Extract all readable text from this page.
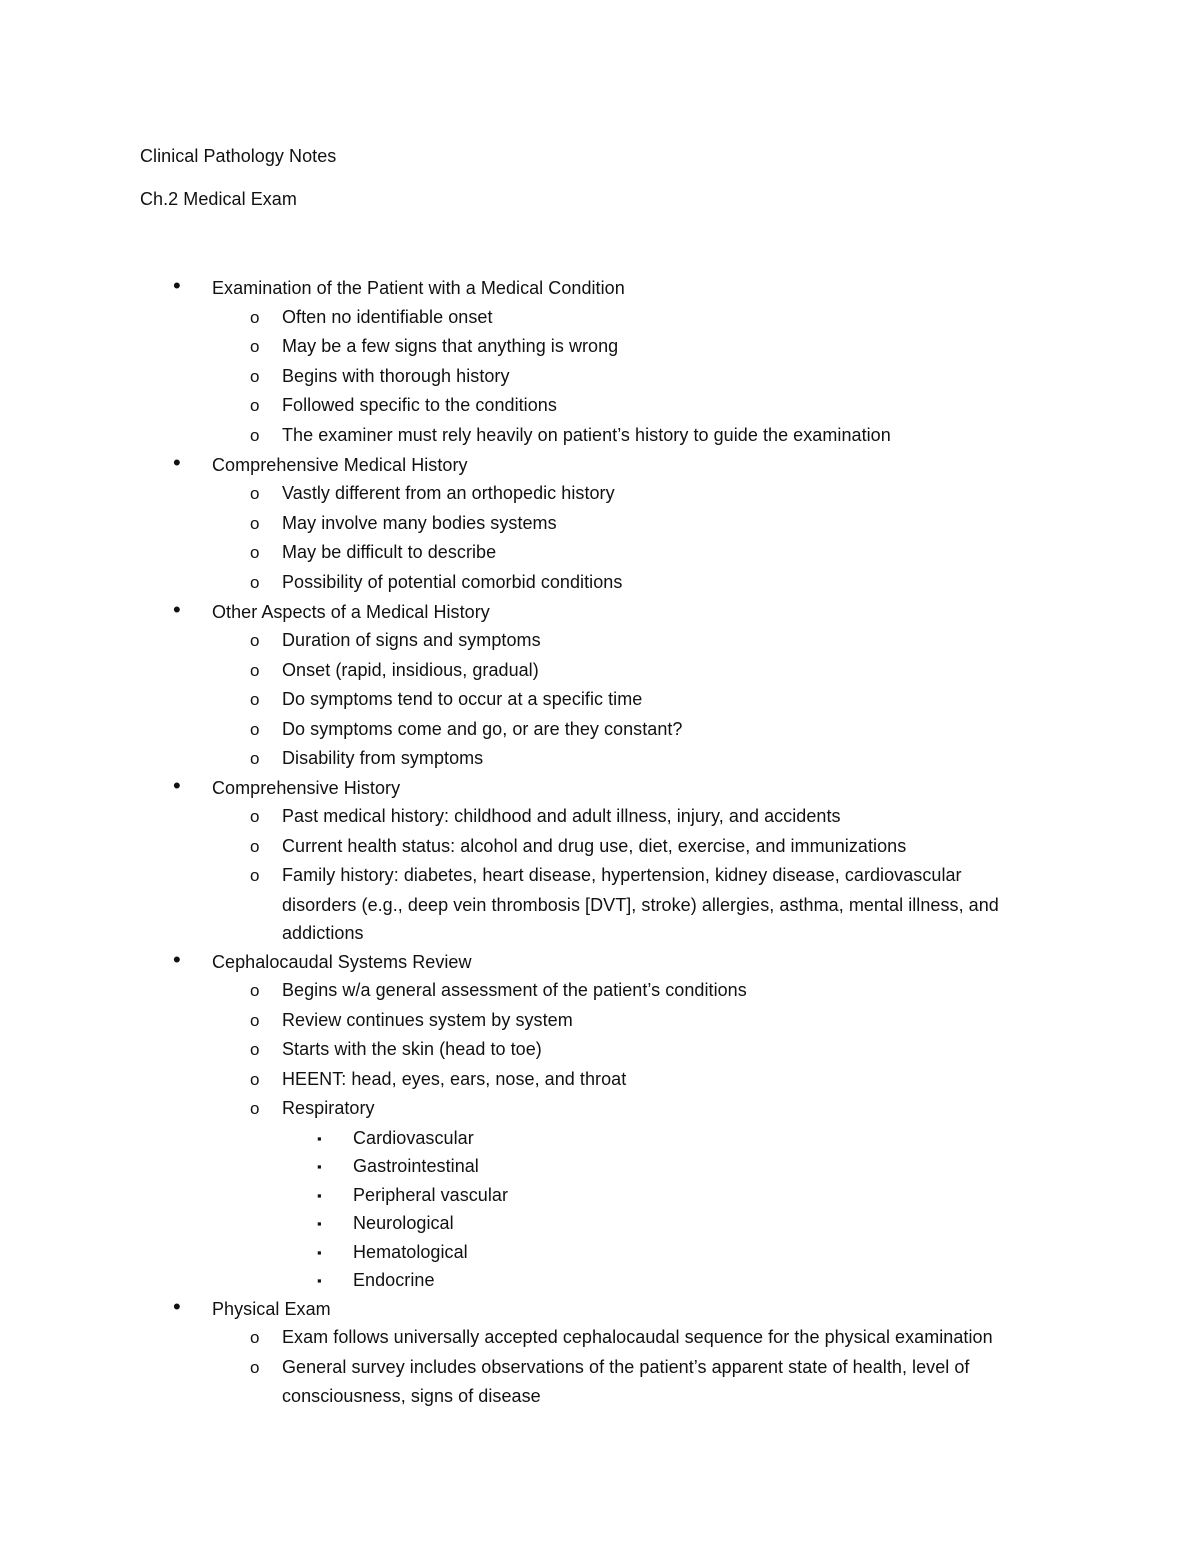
Clinical Pathology Notes
Ch.2 Medical Exam
• Examination of the Patient with a Medical Condition
o Often no identifiable onset
o May be a few signs that anything is wrong
o Begins with thorough history
o Followed specific to the conditions
o The examiner must rely heavily on patient’s history to guide the examination
• Comprehensive Medical History
o Vastly different from an orthopedic history
o May involve many bodies systems
o May be difficult to describe
o Possibility of potential comorbid conditions
• Other Aspects of a Medical History
o Duration of signs and symptoms
o Onset (rapid, insidious, gradual)
o Do symptoms tend to occur at a specific time
o Do symptoms come and go, or are they constant?
o Disability from symptoms
• Comprehensive History
o Past medical history: childhood and adult illness, injury, and accidents
o Current health status: alcohol and drug use, diet, exercise, and immunizations
o Family history: diabetes, heart disease, hypertension, kidney disease, cardiovascular
disorders (e.g., deep vein thrombosis [DVT], stroke) allergies, asthma, mental illness, and
addictions
• Cephalocaudal Systems Review
o Begins w/a general assessment of the patient’s conditions
o Review continues system by system
o Starts with the skin (head to toe)
o HEENT: head, eyes, ears, nose, and throat
o Respiratory
▪ Cardiovascular
▪ Gastrointestinal
▪ Peripheral vascular
▪ Neurological
▪ Hematological
▪ Endocrine
• Physical Exam
o Exam follows universally accepted cephalocaudal sequence for the physical examination
o General survey includes observations of the patient’s apparent state of health, level of
consciousness, signs of disease
